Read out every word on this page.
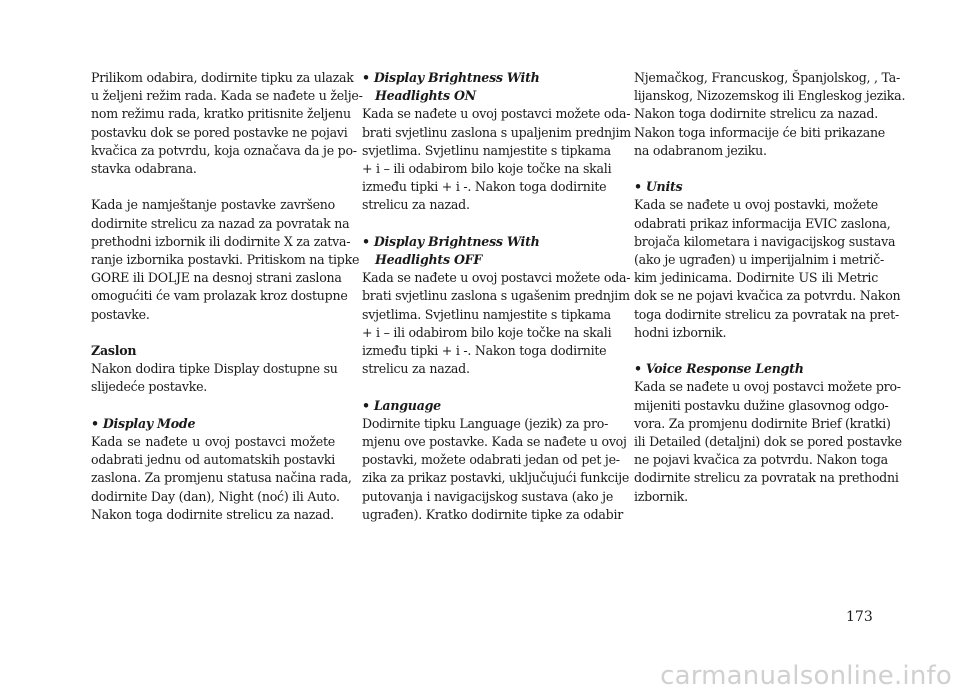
Prilikom odabira, dodirnite tipku za ulazak
u željeni režim rada. Kada se nađete u želje-
nom režimu rada, kratko pritisnite željenu
postavku dok se pored postavke ne pojavi
kvačica za potvrdu, koja označava da je po-
stavka odabrana.
Kada je namještanje postavke završeno
dodirnite strelicu za nazad za povratak na
prethodni izbornik ili dodirnite X za zatva-
ranje izbornika postavki. Pritiskom na tipke
GORE ili DOLJE na desnoj strani zaslona
omogućiti će vam prolazak kroz dostupne
postavke.
Zaslon
Nakon dodira tipke Display dostupne su
slijedeće postavke.
• Display Mode
Kada se nađete u ovoj postavci možete
odabrati jednu od automatskih postavki
zaslona. Za promjenu statusa načina rada,
dodirnite Day (dan), Night (noć) ili Auto.
Nakon toga dodirnite strelicu za nazad.
• Display Brightness With
Headlights ON
Kada se nađete u ovoj postavci možete oda-
brati svjetlinu zaslona s upaljenim prednjim
svjetlima. Svjetlinu namjestite s tipkama
+ i – ili odabirom bilo koje točke na skali
između tipki + i -. Nakon toga dodirnite
strelicu za nazad.
• Display Brightness With
Headlights OFF
Kada se nađete u ovoj postavci možete oda-
brati svjetlinu zaslona s ugašenim prednjim
svjetlima. Svjetlinu namjestite s tipkama
+ i – ili odabirom bilo koje točke na skali
između tipki + i -. Nakon toga dodirnite
strelicu za nazad.
• Language
Dodirnite tipku Language (jezik) za pro-
mjenu ove postavke. Kada se nađete u ovoj
postavki, možete odabrati jedan od pet je-
zika za prikaz postavki, uključujući funkcije
putovanja i navigacijskog sustava (ako je
ugrađen). Kratko dodirnite tipke za odabir
Njemačkog, Francuskog, Španjolskog, , Ta-
lijanskog, Nizozemskog ili Engleskog jezika.
Nakon toga dodirnite strelicu za nazad.
Nakon toga informacije će biti prikazane
na odabranom jeziku.
• Units
Kada se nađete u ovoj postavki, možete
odabrati prikaz informacija EVIC zaslona,
brojača kilometara i navigacijskog sustava
(ako je ugrađen) u imperijalnim i metrič-
kim jedinicama. Dodirnite US ili Metric
dok se ne pojavi kvačica za potvrdu. Nakon
toga dodirnite strelicu za povratak na pret-
hodni izbornik.
• Voice Response Length
Kada se nađete u ovoj postavci možete pro-
mijeniti postavku dužine glasovnog odgo-
vora. Za promjenu dodirnite Brief (kratki)
ili Detailed (detaljni) dok se pored postavke
ne pojavi kvačica za potvrdu. Nakon toga
dodirnite strelicu za povratak na prethodni
izbornik.
173
carmanualsonline.info
